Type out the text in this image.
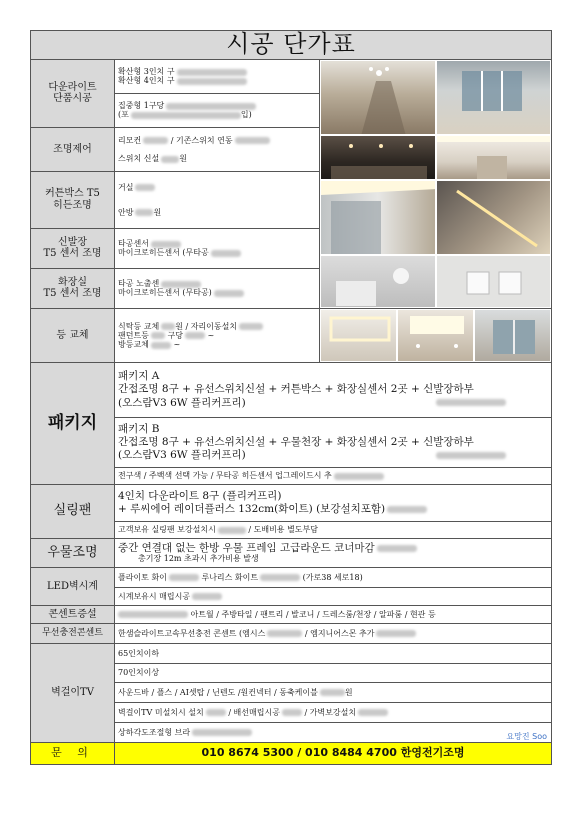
시공 단가표		

다운라이트
단품시공	확산형 3인치 구
확산형 4인치 구

	집중형 1구당
(포 입)	

조명제어	리모컨 / 기존스위치 연동
스위치 신설 원	

커튼박스 T5
히든조명	거실
안방 원	

신발장
T5 센서 조명	타공센서
마이크로히든센서 (무타공	

화장실
T5 센서 조명	타공 노출센
마이크로히든센서 (무타공)	

등 교체	식탁등 교체 원 / 자리이동설치
팬던트등 구당 ~
방등교체 ~

패키지	패키지 A
간접조명 8구 + 유선스위치신설 + 커튼박스 + 화장실센서 2곳 + 신발장하부
(오스람V3 6W 플리커프리)	

	패키지 B
간접조명 8구 + 유선스위치신설 + 우물천장 + 화장실센서 2곳 + 신발장하부
(오스람V3 6W 플리커프리)	

	전구색 / 주백색 선택 가능 / 무타공 히든센서 업그레이드시 추	

실링팬	4인치 다운라이트 8구 (플리커프리)
+ 루씨에어 레이더플러스 132cm(화이트) (보강설치포함)	

	고객보유 실링팬 보강설치시 / 도배비용 별도부담	

우물조명	중간 연결대 없는 한방 우물 프레임 고급라운드 코너마감
총기장 12m 초과시 추가비용 발생	

LED벽시계	플라이토 화이 루나리스 화이트 (가로38 세로18)	

	시계보유시 매립시공	

콘센트증설	아트월 / 주방타일 / 팬트리 / 발코니 / 드레스룸/천장 / 알파룸 / 현관 등	

무선충전콘센트	한샘슬라이트고속무선충전 콘센트 (엠시스 / 엠지니어스몬 추가	

벽걸이TV	65인치이하	

	70인치이상	

	사운드바 / 플스 / AI셋탑 / 닌텐도 /원컨넥터 / 동축케이블 원	

	벽걸이TV 미설치시 설치 / 배선매립시공 / 가벽보강설치	

	상하각도조절형 브라 요망진 Soo	

문 의	010 8674 5300 / 010 8484 4700 한영전기조명	
